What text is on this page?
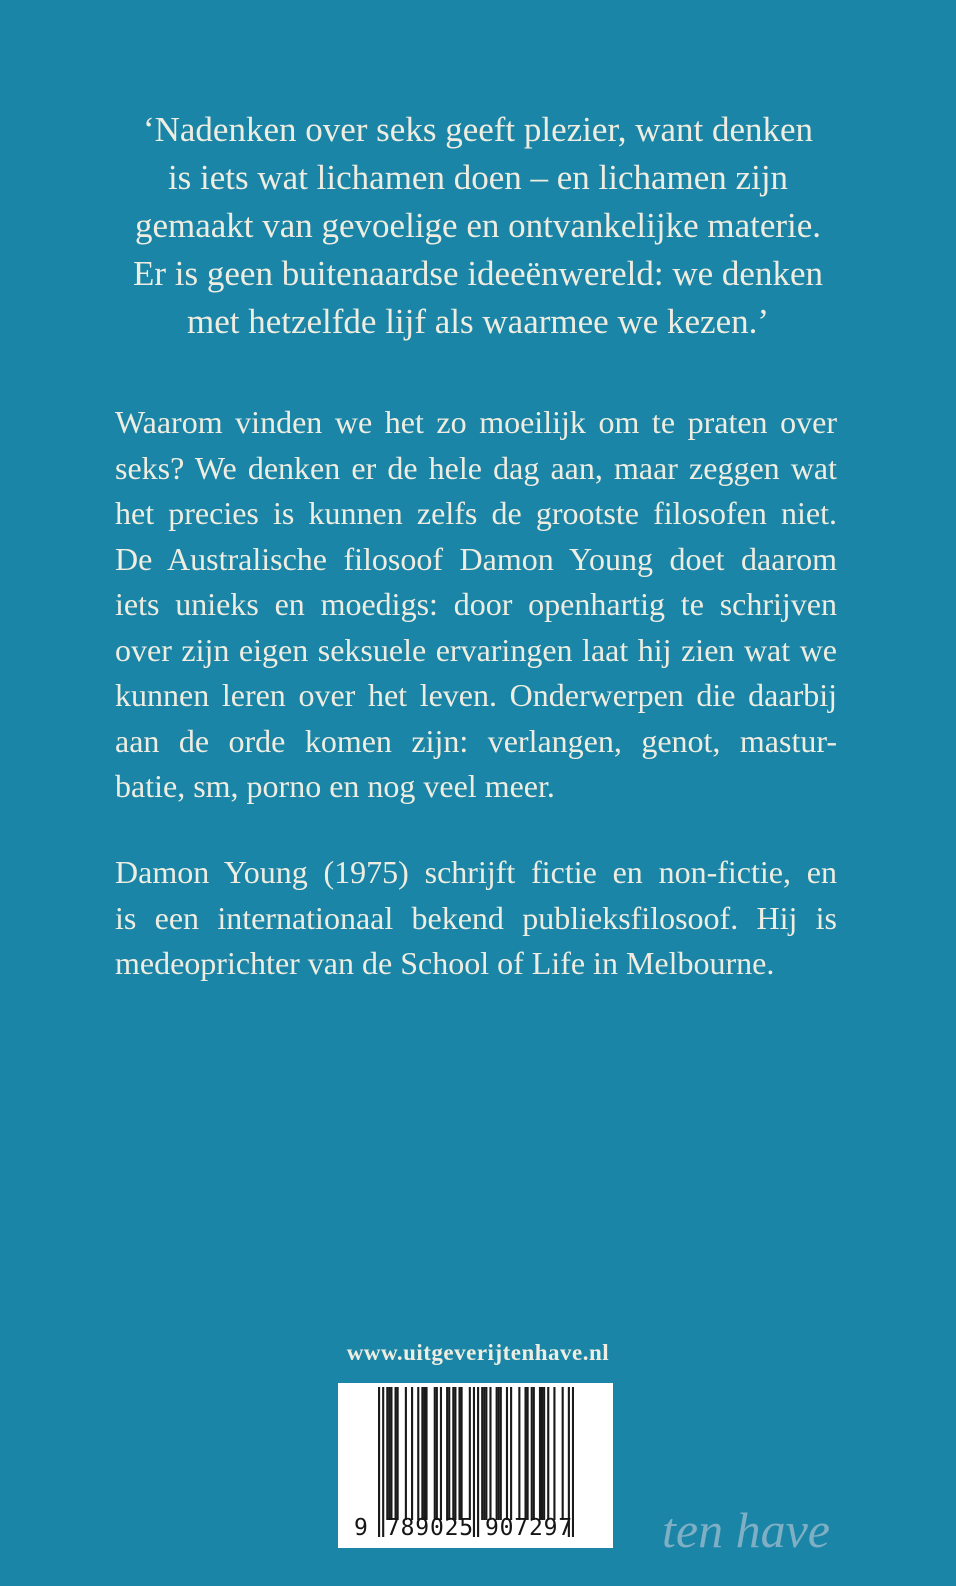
‘Nadenken over seks geeft plezier, want denken
is iets wat lichamen doen – en lichamen zijn
gemaakt van gevoelige en ontvankelijke materie.
Er is geen buitenaardse ideeënwereld: we denken
met hetzelfde lijf als waarmee we kezen.’
Waarom vinden we het zo moeilijk om te praten over
seks? We denken er de hele dag aan, maar zeggen wat
het precies is kunnen zelfs de grootste filosofen niet.
De Australische filosoof Damon Young doet daarom
iets unieks en moedigs: door openhartig te schrijven
over zijn eigen seksuele ervaringen laat hij zien wat we
kunnen leren over het leven. Onderwerpen die daarbij
aan de orde komen zijn: verlangen, genot, mastur-
batie, sm, porno en nog veel meer.
Damon Young (1975) schrijft fictie en non-fictie, en
is een internationaal bekend publieksfilosoof. Hij is
medeoprichter van de School of Life in Melbourne.
www.uitgeverijtenhave.nl
9 789025 907297 ten have
